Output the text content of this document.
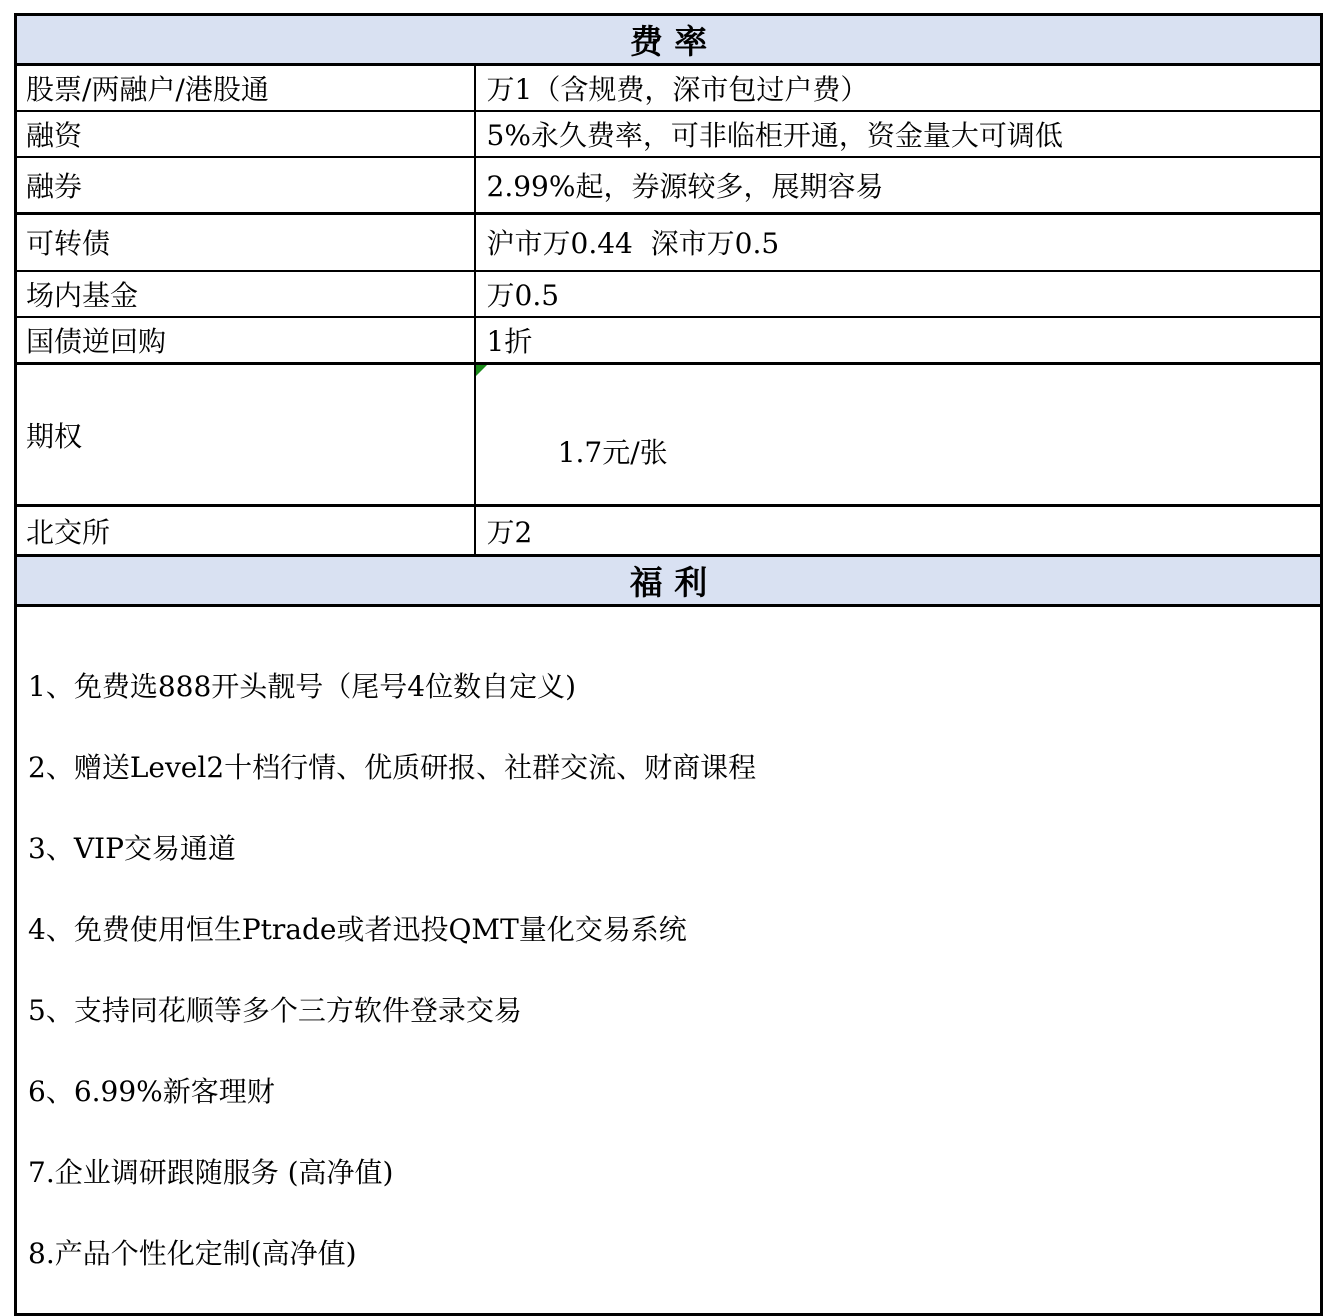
费 率	
股票/两融户/港股通	万1（含规费，深市包过户费）
融资	5%永久费率，可非临柜开通，资金量大可调低
融券	2.99%起，券源较多，展期容易
可转债	沪市万0.44  深市万0.5
场内基金	万0.5
国债逆回购	1折
期权	1.7元/张

北交所	万2
福 利	

1、免费选888开头靓号（尾号4位数自定义)

2、赠送Level2十档行情、优质研报、社群交流、财商课程

3、VIP交易通道

4、免费使用恒生Ptrade或者迅投QMT量化交易系统

5、支持同花顺等多个三方软件登录交易

6、6.99%新客理财

7.企业调研跟随服务 (高净值)

8.产品个性化定制(高净值)
